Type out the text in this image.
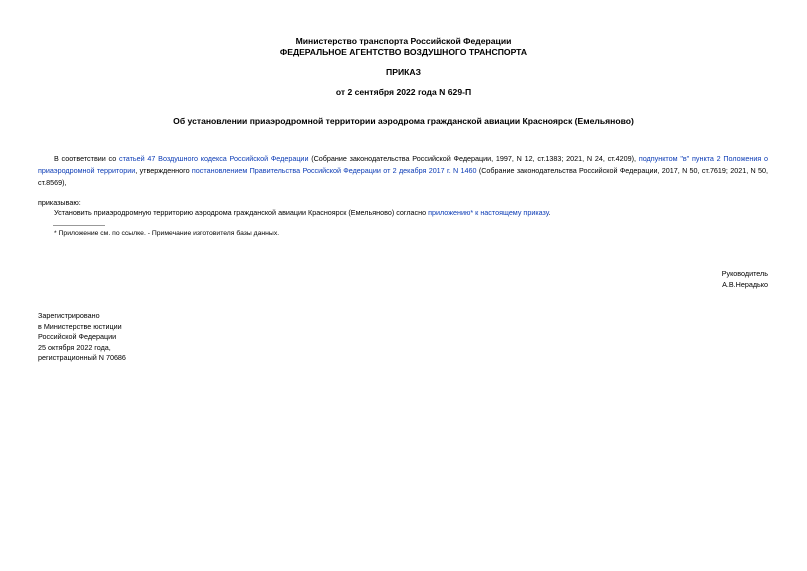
Министерство транспорта Российской Федерации
ФЕДЕРАЛЬНОЕ АГЕНТСТВО ВОЗДУШНОГО ТРАНСПОРТА
ПРИКАЗ
от 2 сентября 2022 года N 629-П
Об установлении приаэродромной территории аэродрома гражданской авиации Красноярск (Емельяново)
В соответствии со статьей 47 Воздушного кодекса Российской Федерации (Собрание законодательства Российской Федерации, 1997, N 12, ст.1383; 2021, N 24, ст.4209), подпунктом "в" пункта 2 Положения о приаэродромной территории, утвержденного постановлением Правительства Российской Федерации от 2 декабря 2017 г. N 1460 (Собрание законодательства Российской Федерации, 2017, N 50, ст.7619; 2021, N 50, ст.8569),
приказываю:
Установить приаэродромную территорию аэродрома гражданской авиации Красноярск (Емельяново) согласно приложению* к настоящему приказу.
* Приложение см. по ссылке. - Примечание изготовителя базы данных.
Руководитель
А.В.Нерадько
Зарегистрировано
в Министерстве юстиции
Российской Федерации
25 октября 2022 года,
регистрационный N 70686
